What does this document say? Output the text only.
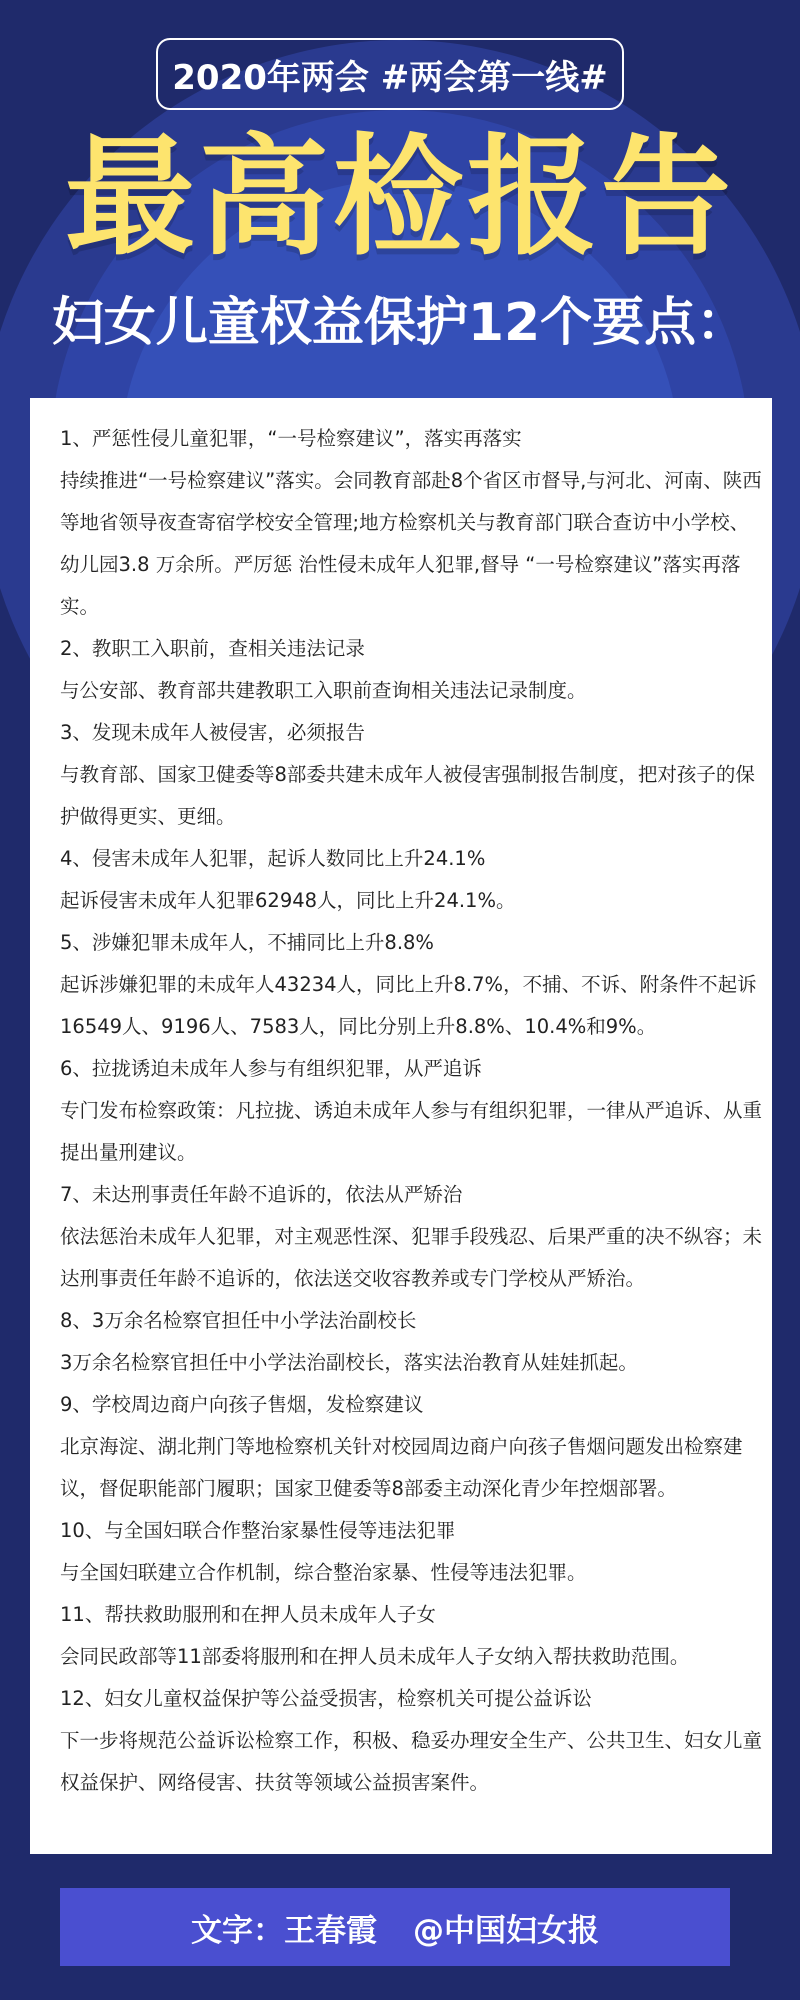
2020年两会 #两会第一线#
最高检报告
妇女儿童权益保护12个要点：

1、严惩性侵儿童犯罪，“一号检察建议”，落实再落实

持续推进“一号检察建议”落实。会同教育部赴8个省区市督导,与河北、河南、陕西等地省领导夜查寄宿学校安全管理;地方检察机关与教育部门联合查访中小学校、幼儿园3.8 万余所。严厉惩 治性侵未成年人犯罪,督导 “一号检察建议”落实再落实。

2、教职工入职前，查相关违法记录

与公安部、教育部共建教职工入职前查询相关违法记录制度。

3、发现未成年人被侵害，必须报告

与教育部、国家卫健委等8部委共建未成年人被侵害强制报告制度，把对孩子的保护做得更实、更细。

4、侵害未成年人犯罪，起诉人数同比上升24.1%

起诉侵害未成年人犯罪62948人，同比上升24.1%。

5、涉嫌犯罪未成年人，不捕同比上升8.8%

起诉涉嫌犯罪的未成年人43234人，同比上升8.7%，不捕、不诉、附条件不起诉16549人、9196人、7583人，同比分别上升8.8%、10.4%和9%。

6、拉拢诱迫未成年人参与有组织犯罪，从严追诉

专门发布检察政策：凡拉拢、诱迫未成年人参与有组织犯罪，一律从严追诉、从重提出量刑建议。

7、未达刑事责任年龄不追诉的，依法从严矫治

依法惩治未成年人犯罪，对主观恶性深、犯罪手段残忍、后果严重的决不纵容；未达刑事责任年龄不追诉的，依法送交收容教养或专门学校从严矫治。

8、3万余名检察官担任中小学法治副校长

3万余名检察官担任中小学法治副校长，落实法治教育从娃娃抓起。

9、学校周边商户向孩子售烟，发检察建议

北京海淀、湖北荆门等地检察机关针对校园周边商户向孩子售烟问题发出检察建议，督促职能部门履职；国家卫健委等8部委主动深化青少年控烟部署。

10、与全国妇联合作整治家暴性侵等违法犯罪

与全国妇联建立合作机制，综合整治家暴、性侵等违法犯罪。

11、帮扶救助服刑和在押人员未成年人子女

会同民政部等11部委将服刑和在押人员未成年人子女纳入帮扶救助范围。

12、妇女儿童权益保护等公益受损害，检察机关可提公益诉讼

下一步将规范公益诉讼检察工作，积极、稳妥办理安全生产、公共卫生、妇女儿童权益保护、网络侵害、扶贫等领域公益损害案件。

文字：王春霞 @中国妇女报
